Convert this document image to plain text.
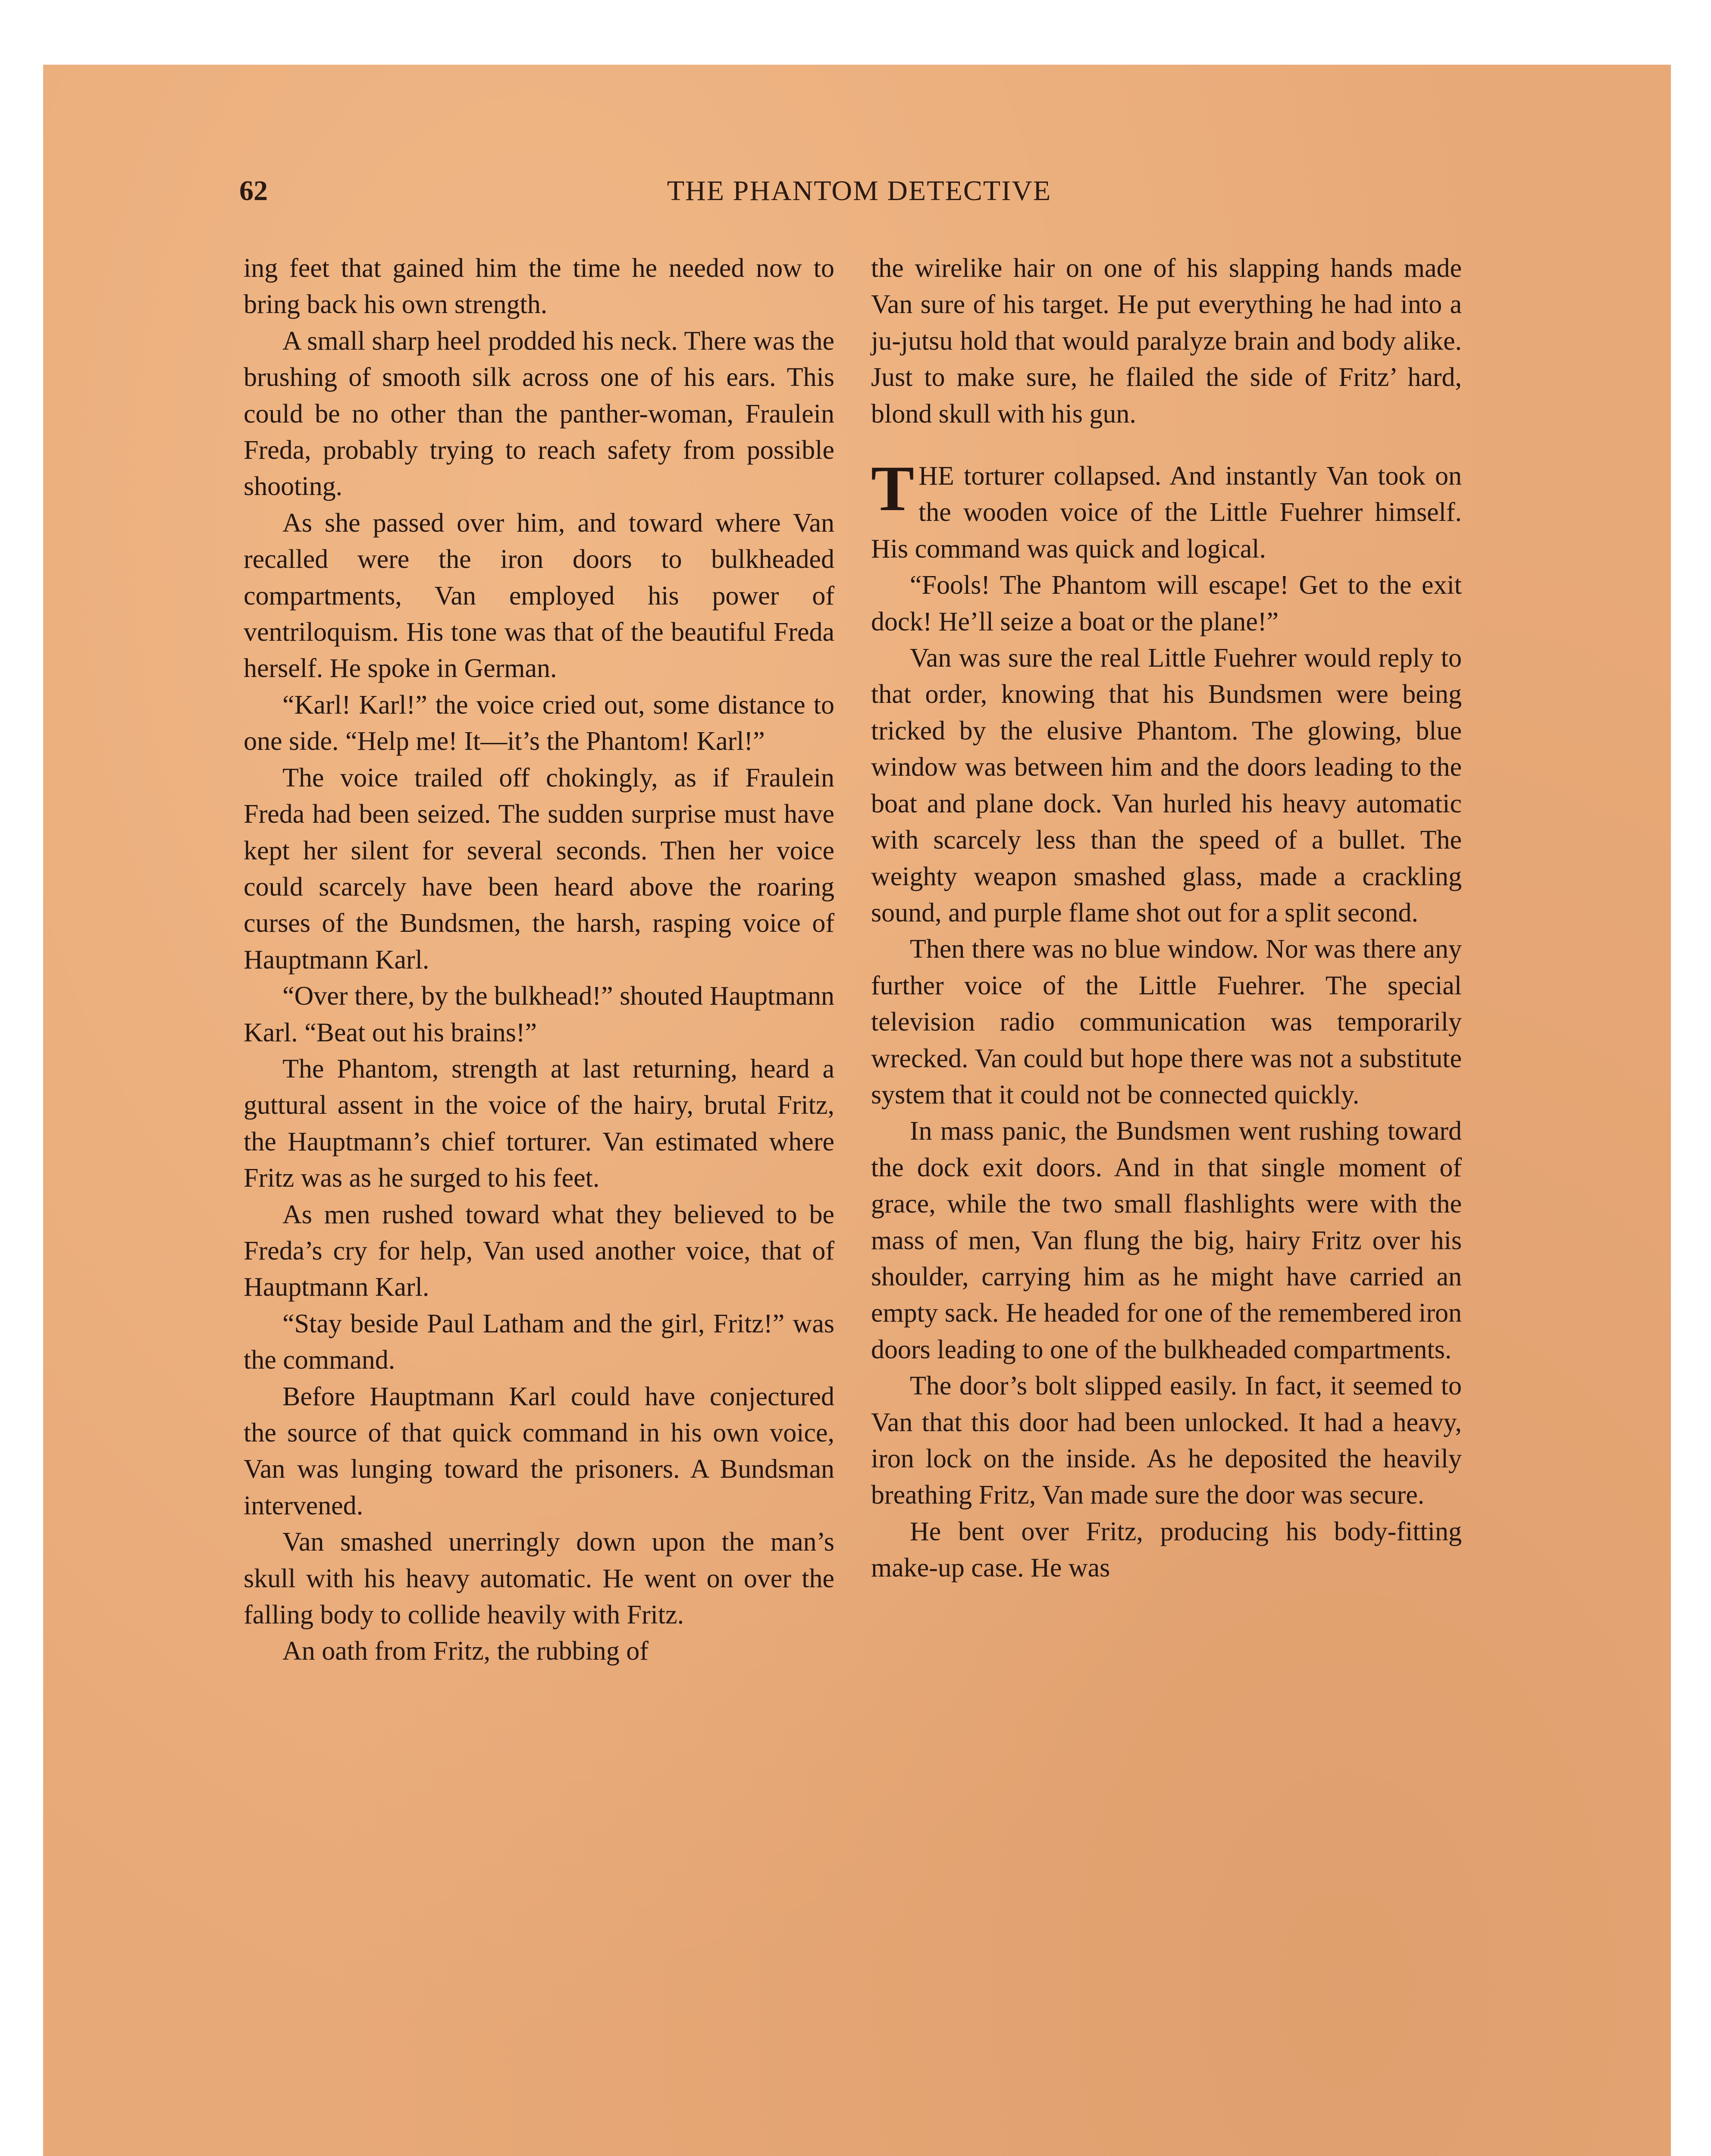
62	THE PHANTOM DETECTIVE

ing feet that gained him the time he needed now to bring back his own strength.

A small sharp heel prodded his neck. There was the brushing of smooth silk across one of his ears. This could be no other than the panther-woman, Fraulein Freda, probably trying to reach safety from possible shooting.

As she passed over him, and toward where Van recalled were the iron doors to bulkheaded compartments, Van employed his power of ventriloquism. His tone was that of the beautiful Freda herself. He spoke in German.

“Karl! Karl!” the voice cried out, some distance to one side. “Help me! It—it’s the Phantom! Karl!”

The voice trailed off chokingly, as if Fraulein Freda had been seized. The sudden surprise must have kept her silent for several seconds. Then her voice could scarcely have been heard above the roaring curses of the Bundsmen, the harsh, rasping voice of Hauptmann Karl.

“Over there, by the bulkhead!” shouted Hauptmann Karl. “Beat out his brains!”

The Phantom, strength at last returning, heard a guttural assent in the voice of the hairy, brutal Fritz, the Hauptmann’s chief torturer. Van estimated where Fritz was as he surged to his feet.

As men rushed toward what they believed to be Freda’s cry for help, Van used another voice, that of Hauptmann Karl.

“Stay beside Paul Latham and the girl, Fritz!” was the command.

Before Hauptmann Karl could have conjectured the source of that quick command in his own voice, Van was lunging toward the prisoners. A Bundsman intervened.

Van smashed unerringly down upon the man’s skull with his heavy automatic. He went on over the falling body to collide heavily with Fritz.

An oath from Fritz, the rubbing of

the wirelike hair on one of his slapping hands made Van sure of his target. He put everything he had into a ju-jutsu hold that would paralyze brain and body alike. Just to make sure, he flailed the side of Fritz’ hard, blond skull with his gun.

THE torturer collapsed. And instantly Van took on the wooden voice of the Little Fuehrer himself. His command was quick and logical.

“Fools! The Phantom will escape! Get to the exit dock! He’ll seize a boat or the plane!”

Van was sure the real Little Fuehrer would reply to that order, knowing that his Bundsmen were being tricked by the elusive Phantom. The glowing, blue window was between him and the doors leading to the boat and plane dock. Van hurled his heavy automatic with scarcely less than the speed of a bullet. The weighty weapon smashed glass, made a crackling sound, and purple flame shot out for a split second.

Then there was no blue window. Nor was there any further voice of the Little Fuehrer. The special television radio communication was temporarily wrecked. Van could but hope there was not a substitute system that it could not be connected quickly.

In mass panic, the Bundsmen went rushing toward the dock exit doors. And in that single moment of grace, while the two small flashlights were with the mass of men, Van flung the big, hairy Fritz over his shoulder, carrying him as he might have carried an empty sack. He headed for one of the remembered iron doors leading to one of the bulkheaded compartments.

The door’s bolt slipped easily. In fact, it seemed to Van that this door had been unlocked. It had a heavy, iron lock on the inside. As he deposited the heavily breathing Fritz, Van made sure the door was secure.

He bent over Fritz, producing his body-fitting make-up case. He was
